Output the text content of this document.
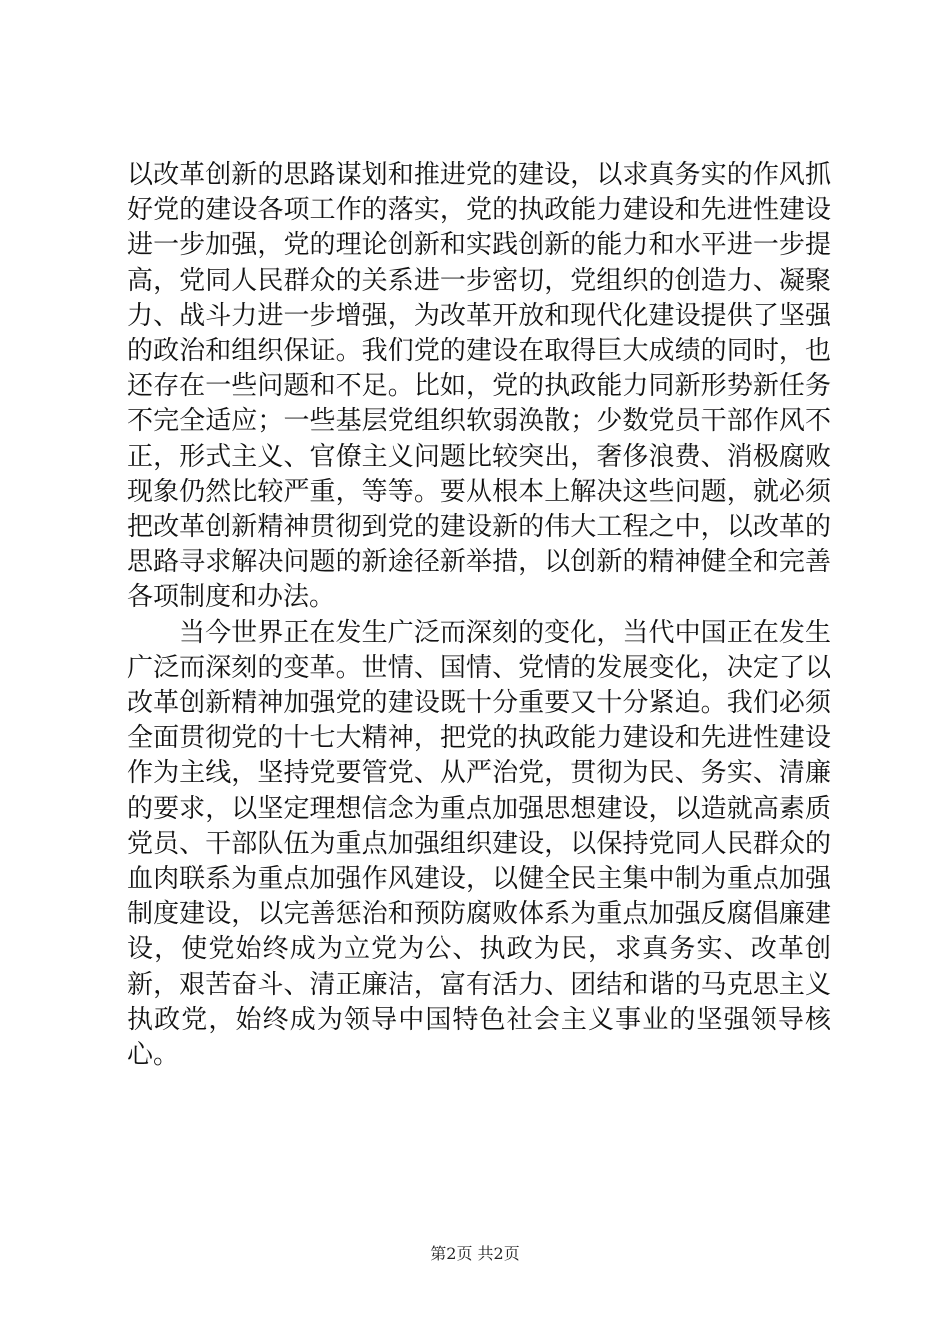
以改革创新的思路谋划和推进党的建设，以求真务实的作风抓好党的建设各项工作的落实，党的执政能力建设和先进性建设进一步加强，党的理论创新和实践创新的能力和水平进一步提高，党同人民群众的关系进一步密切，党组织的创造力、凝聚力、战斗力进一步增强，为改革开放和现代化建设提供了坚强的政治和组织保证。我们党的建设在取得巨大成绩的同时，也还存在一些问题和不足。比如，党的执政能力同新形势新任务不完全适应；一些基层党组织软弱涣散；少数党员干部作风不正，形式主义、官僚主义问题比较突出，奢侈浪费、消极腐败现象仍然比较严重，等等。要从根本上解决这些问题，就必须把改革创新精神贯彻到党的建设新的伟大工程之中，以改革的思路寻求解决问题的新途径新举措，以创新的精神健全和完善各项制度和办法。

当今世界正在发生广泛而深刻的变化，当代中国正在发生广泛而深刻的变革。世情、国情、党情的发展变化，决定了以改革创新精神加强党的建设既十分重要又十分紧迫。我们必须全面贯彻党的十七大精神，把党的执政能力建设和先进性建设作为主线，坚持党要管党、从严治党，贯彻为民、务实、清廉的要求，以坚定理想信念为重点加强思想建设，以造就高素质党员、干部队伍为重点加强组织建设，以保持党同人民群众的血肉联系为重点加强作风建设，以健全民主集中制为重点加强制度建设，以完善惩治和预防腐败体系为重点加强反腐倡廉建设，使党始终成为立党为公、执政为民，求真务实、改革创新，艰苦奋斗、清正廉洁，富有活力、团结和谐的马克思主义执政党，始终成为领导中国特色社会主义事业的坚强领导核心。

第2页 共2页
